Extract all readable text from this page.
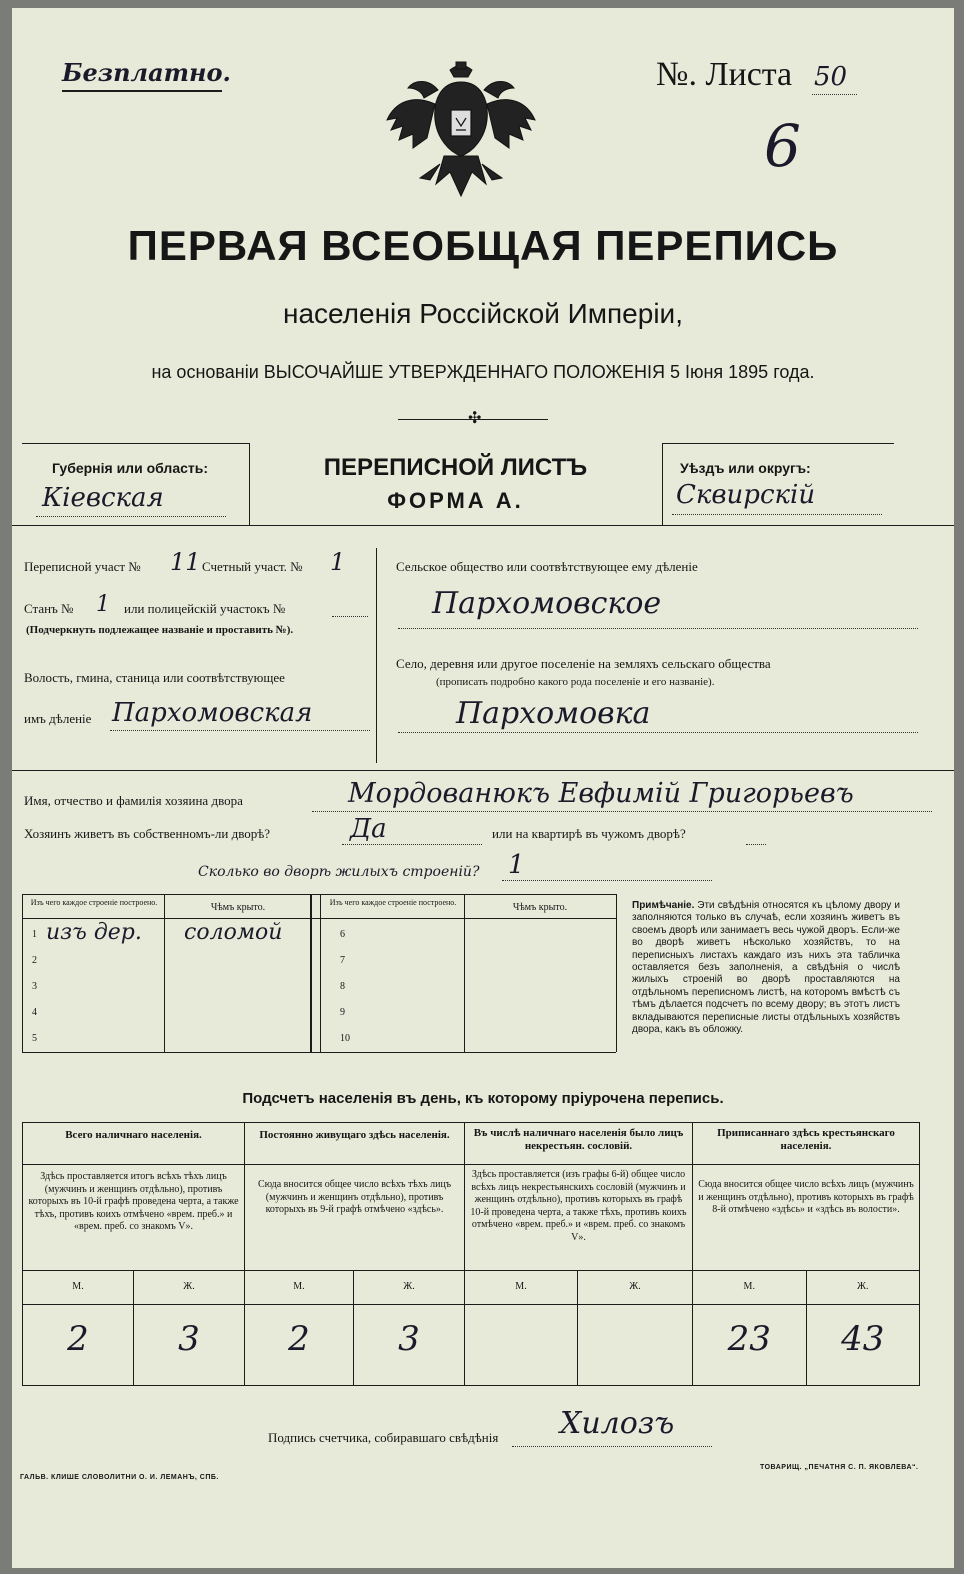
Безплатно.	№. Листа 50
6
ПЕРВАЯ ВСЕОБЩАЯ ПЕРЕПИСЬ
населенія Россійской Имперіи,
на основаніи ВЫСОЧАЙШЕ УТВЕРЖДЕННАГО ПОЛОЖЕНІЯ 5 Іюня 1895 года.
✣
Губернія или область:
Кіевская
ПЕРЕПИСНОЙ ЛИСТЪ
ФОРМА А.
Уѣздъ или округъ:
Сквирскій
Переписной участ № 11 Счетный участ. № 1
Станъ № 1 или полицейскій участокъ №
(Подчеркнуть подлежащее названіе и проставить №).
Волость, гмина, станица или соотвѣтствующее
имъ дѣленіе Пархомовская
Сельское общество или соотвѣтствующее ему дѣленіе
Пархомовское
Село, деревня или другое поселеніе на земляхъ сельскаго общества
(прописать подробно какого рода поселеніе и его названіе).
Пархомовка
Имя, отчество и фамилія хозяина двора	Мордованюкъ Евфимій Григорьевъ
Хозяинъ живетъ въ собственномъ-ли дворѣ?	Да	или на квартирѣ въ чужомъ дворѣ?
Сколько во дворѣ жилыхъ строеній? 1
Изъ чего каждое строеніе построено.	Чѣмъ крыто.	Изъ чего каждое строеніе построено.	Чѣмъ крыто.
1 изъ дер. соломой
2
3
4
5
6
7
8
9
10
Примѣчаніе. Эти свѣдѣнія относятся къ цѣлому двору и заполняются только въ случаѣ, если хозяинъ живетъ въ своемъ дворѣ или занимаетъ весь чужой дворъ. Если-же во дворѣ живетъ нѣсколько хозяйствъ, то на переписныхъ листахъ каждаго изъ нихъ эта табличка оставляется безъ заполненія, а свѣдѣнія о числѣ жилыхъ строеній во дворѣ проставляются на отдѣльномъ переписномъ листѣ, на которомъ вмѣстѣ съ тѣмъ дѣлается подсчетъ по всему двору; въ этотъ листъ вкладываются переписные листы отдѣльныхъ хозяйствъ двора, какъ въ обложку.
Подсчетъ населенія въ день, къ которому пріурочена перепись.
Всего наличнаго населенія.		Постоянно живущаго здѣсь населенія.		Въ числѣ наличнаго населенія было лицъ некрестьян. сословій.		Приписаннаго здѣсь крестьянскаго населенія.	

Здѣсь проставляется итогъ всѣхъ тѣхъ лицъ (мужчинъ и женщинъ отдѣльно), противъ которыхъ въ 10-й графѣ проведена черта, а также тѣхъ, противъ коихъ отмѣчено «врем. преб.» и «врем. преб. со знакомъ V».		Сюда вносится общее число всѣхъ тѣхъ лицъ (мужчинъ и женщинъ отдѣльно), противъ которыхъ въ 9-й графѣ отмѣчено «здѣсь».		Здѣсь проставляется (изъ графы 6-й) общее число всѣхъ лицъ некрестьянскихъ сословій (мужчинъ и женщинъ отдѣльно), противъ которыхъ въ графѣ 10-й проведена черта, а также тѣхъ, противъ коихъ отмѣчено «врем. преб.» и «врем. преб. со знакомъ V».		Сюда вносится общее число всѣхъ лицъ (мужчинъ и женщинъ отдѣльно), противъ которыхъ въ графѣ 8-й отмѣчено «здѣсь» и «здѣсь въ волости».	

М.	Ж.	М.	Ж.	М.	Ж.	М.	Ж.

2	3	2	3			23	43
Подпись счетчика, собиравшаго свѣдѣнія Хилозъ
ГАЛЬВ. КЛИШЕ СЛОВОЛИТНИ О. И. ЛЕМАНЪ, СПБ.
ТОВАРИЩ. „ПЕЧАТНЯ С. П. ЯКОВЛЕВА“.
